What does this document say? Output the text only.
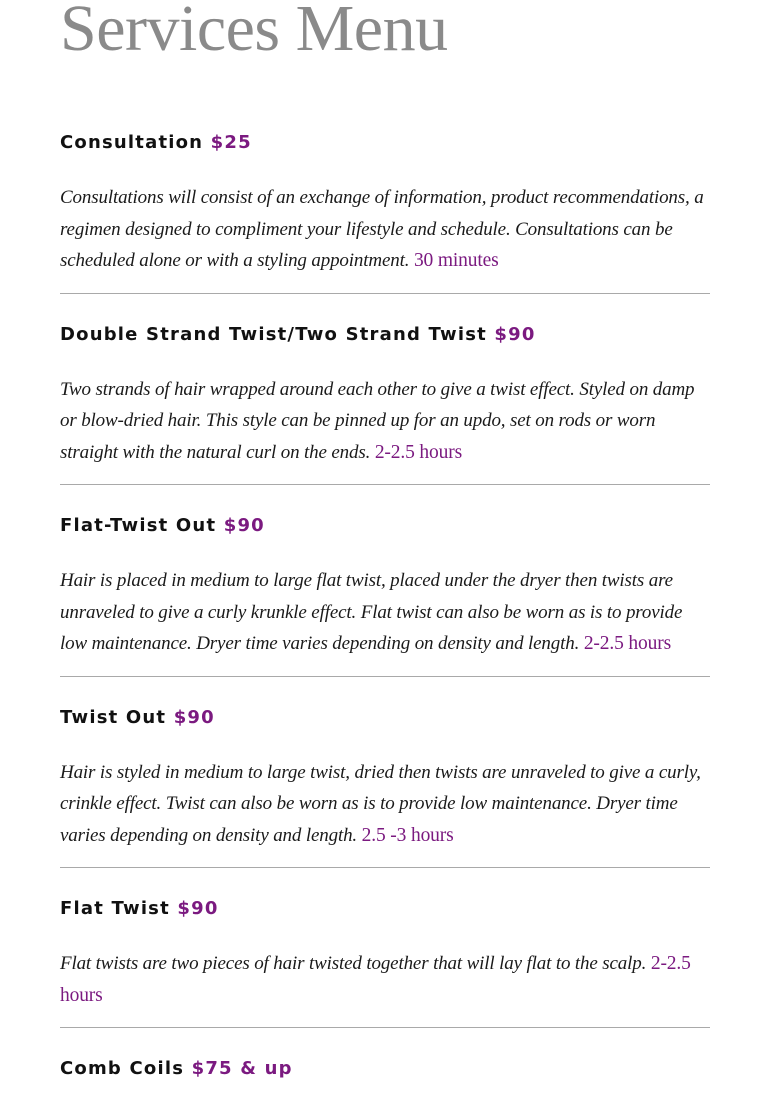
Services Menu
Consultation $25

Consultations will consist of an exchange of information, product recommendations, a regimen designed to compliment your lifestyle and schedule. Consultations can be scheduled alone or with a styling appointment. 30 minutes

Double Strand Twist/Two Strand Twist $90

Two strands of hair wrapped around each other to give a twist effect. Styled on damp or blow-dried hair. This style can be pinned up for an updo, set on rods or worn straight with the natural curl on the ends. 2-2.5 hours

Flat-Twist Out $90

Hair is placed in medium to large flat twist, placed under the dryer then twists are unraveled to give a curly krunkle effect. Flat twist can also be worn as is to provide low maintenance. Dryer time varies depending on density and length. 2-2.5 hours

Twist Out $90

Hair is styled in medium to large twist, dried then twists are unraveled to give a curly, crinkle effect. Twist can also be worn as is to provide low maintenance. Dryer time varies depending on density and length. 2.5 -3 hours

Flat Twist $90

Flat twists are two pieces of hair twisted together that will lay flat to the scalp. 2-2.5 hours

Comb Coils $75 & up
